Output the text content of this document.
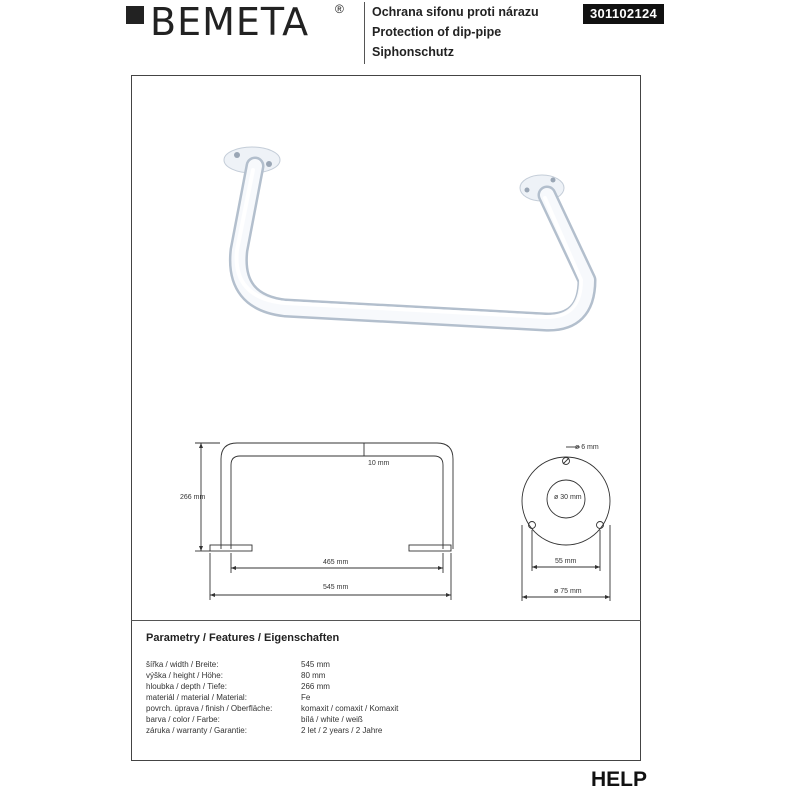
BEMETA ® Ochrana sifonu proti nárazu
Protection of dip-pipe
Siphonschutz
301102124
266 mm
10 mm
465 mm
545 mm
ø 6 mm
ø 30 mm
55 mm
ø 75 mm
Parametry / Features / Eigenschaften
šířka / width / Breite:	545 mm
výška / height / Höhe:	80 mm
hloubka / depth / Tiefe:	266 mm
materiál / material / Material:	Fe
povrch. úprava / finish / Oberfläche:	komaxit / comaxit / Komaxit
barva / color / Farbe:	bílá / white / weiß
záruka / warranty / Garantie:	2 let / 2 years / 2 Jahre
HELP
